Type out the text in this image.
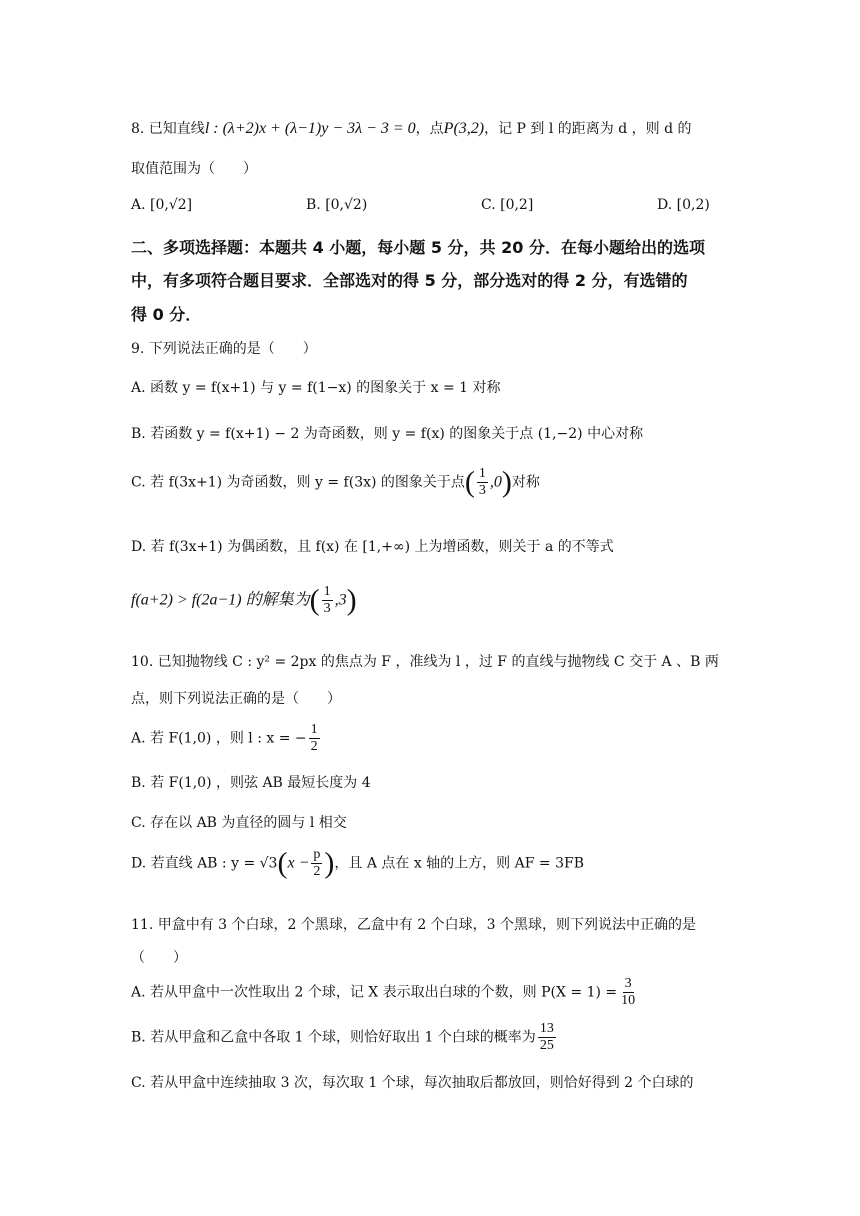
8. 已知直线l : (λ+2)x + (λ−1)y − 3λ − 3 = 0，点P(3,2)，记 P 到 l 的距离为 d ，则 d 的
取值范围为（　　）
A. [0,√2]	B. [0,√2)	C. [0,2]	D. [0,2)
二、多项选择题：本题共 4 小题，每小题 5 分，共 20 分．在每小题给出的选项
中，有多项符合题目要求．全部选对的得 5 分，部分选对的得 2 分，有选错的
得 0 分．
9. 下列说法正确的是（　　）
A. 函数 y = f(x+1) 与 y = f(1−x) 的图象关于 x = 1 对称
B. 若函数 y = f(x+1) − 2 为奇函数，则 y = f(x) 的图象关于点 (1,−2) 中心对称
C. 若 f(3x+1) 为奇函数，则 y = f(3x) 的图象关于点( $\frac{1}{3} ,0$)对称
D. 若 f(3x+1) 为偶函数，且 f(x) 在 [1,+∞) 上为增函数，则关于 a 的不等式
f(a+2) > f(2a−1) 的解集为( $\frac{1}{3} ,3$)
10. 已知抛物线 C : y² = 2px 的焦点为 F ，准线为 l ，过 F 的直线与抛物线 C 交于 A 、B 两
点，则下列说法正确的是（　　）
A. 若 F(1,0) ，则 l : x = − $\frac{1}{2}$
B. 若 F(1,0) ，则弦 AB 最短长度为 4
C. 存在以 AB 为直径的圆与 l 相交
D. 若直线 AB : $y = √3(x - \frac{p}{2}$ )，且 A 点在 x 轴的上方，则 AF = 3FB
11. 甲盒中有 3 个白球，2 个黑球，乙盒中有 2 个白球，3 个黑球，则下列说法中正确的是
（　　）
A. 若从甲盒中一次性取出 2 个球，记 X 表示取出白球的个数，则 $P(X = 1) = \frac{3}{10}$
B. 若从甲盒和乙盒中各取 1 个球，则恰好取出 1 个白球的概率为 $\frac{13}{25}$
C. 若从甲盒中连续抽取 3 次，每次取 1 个球，每次抽取后都放回，则恰好得到 2 个白球的
